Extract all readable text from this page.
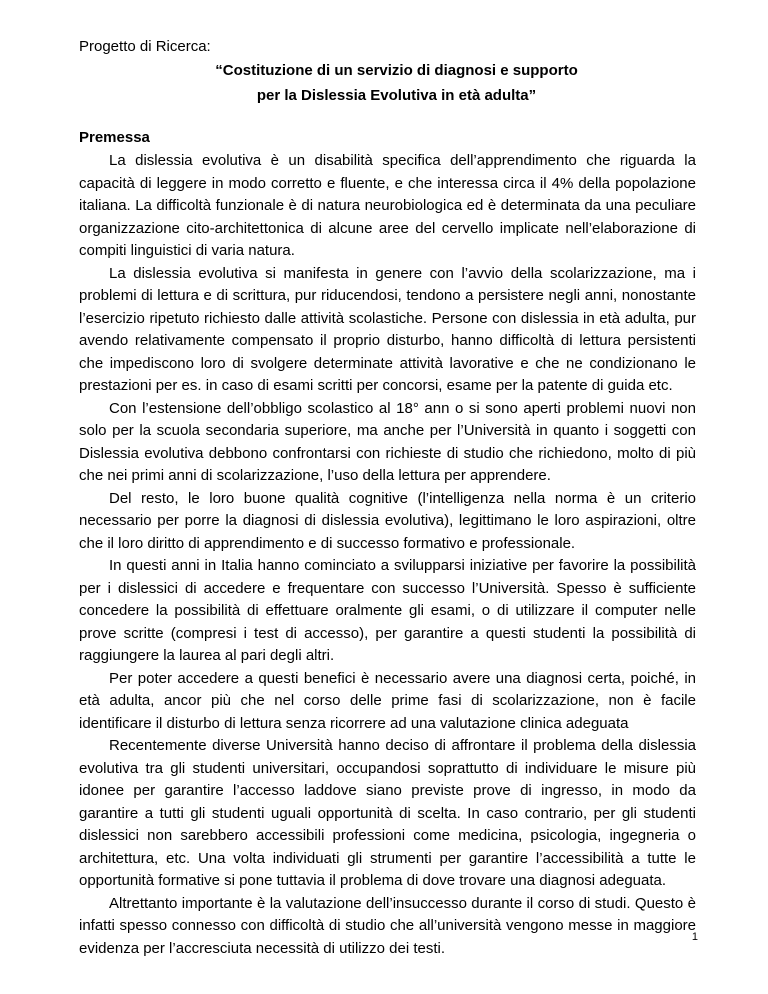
Progetto di Ricerca:

“Costituzione di un servizio di diagnosi e supporto
per la Dislessia Evolutiva in età adulta”

Premessa

La dislessia evolutiva è un disabilità specifica dell’apprendimento che riguarda la capacità di leggere in modo corretto e fluente, e che interessa circa il 4% della popolazione italiana. La difficoltà funzionale è di natura neurobiologica ed è determinata da una peculiare organizzazione cito-architettonica di alcune aree del cervello implicate nell’elaborazione di compiti linguistici di varia natura.

La dislessia evolutiva si manifesta in genere con l’avvio della scolarizzazione, ma i problemi di lettura e di scrittura, pur riducendosi, tendono a persistere negli anni, nonostante l’esercizio ripetuto richiesto dalle attività scolastiche. Persone con dislessia in età adulta, pur avendo relativamente compensato il proprio disturbo, hanno difficoltà di lettura persistenti che impediscono loro di svolgere determinate attività lavorative e che ne condizionano le prestazioni per es. in caso di esami scritti per concorsi, esame per la patente di guida etc.

Con l’estensione dell’obbligo scolastico al 18° ann o si sono aperti problemi nuovi non solo per la scuola secondaria superiore, ma anche per l’Università in quanto i soggetti con Dislessia evolutiva debbono confrontarsi con richieste di studio che richiedono, molto di più che nei primi anni di scolarizzazione, l’uso della lettura per apprendere.

Del resto, le loro buone qualità cognitive (l’intelligenza nella norma è un criterio necessario per porre la diagnosi di dislessia evolutiva), legittimano le loro aspirazioni, oltre che il loro diritto di apprendimento e di successo formativo e professionale.

In questi anni in Italia hanno cominciato a svilupparsi iniziative per favorire la possibilità per i dislessici di accedere e frequentare con successo l’Università. Spesso è sufficiente concedere la possibilità di effettuare oralmente gli esami, o di utilizzare il computer nelle prove scritte (compresi i test di accesso), per garantire a questi studenti la possibilità di raggiungere la laurea al pari degli altri.

Per poter accedere a questi benefici è necessario avere una diagnosi certa, poiché, in età adulta, ancor più che nel corso delle prime fasi di scolarizzazione, non è facile identificare il disturbo di lettura senza ricorrere ad una valutazione clinica adeguata

Recentemente diverse Università hanno deciso di affrontare il problema della dislessia evolutiva tra gli studenti universitari, occupandosi soprattutto di individuare le misure più idonee per garantire l’accesso laddove siano previste prove di ingresso, in modo da garantire a tutti gli studenti uguali opportunità di scelta. In caso contrario, per gli studenti dislessici non sarebbero accessibili professioni come medicina, psicologia, ingegneria o architettura, etc. Una volta individuati gli strumenti per garantire l’accessibilità a tutte le opportunità formative si pone tuttavia il problema di dove trovare una diagnosi adeguata.

Altrettanto importante è la valutazione dell’insuccesso durante il corso di studi. Questo è infatti spesso connesso con difficoltà di studio che all’università vengono messe in maggiore evidenza per l’accresciuta necessità di utilizzo dei testi.

1
